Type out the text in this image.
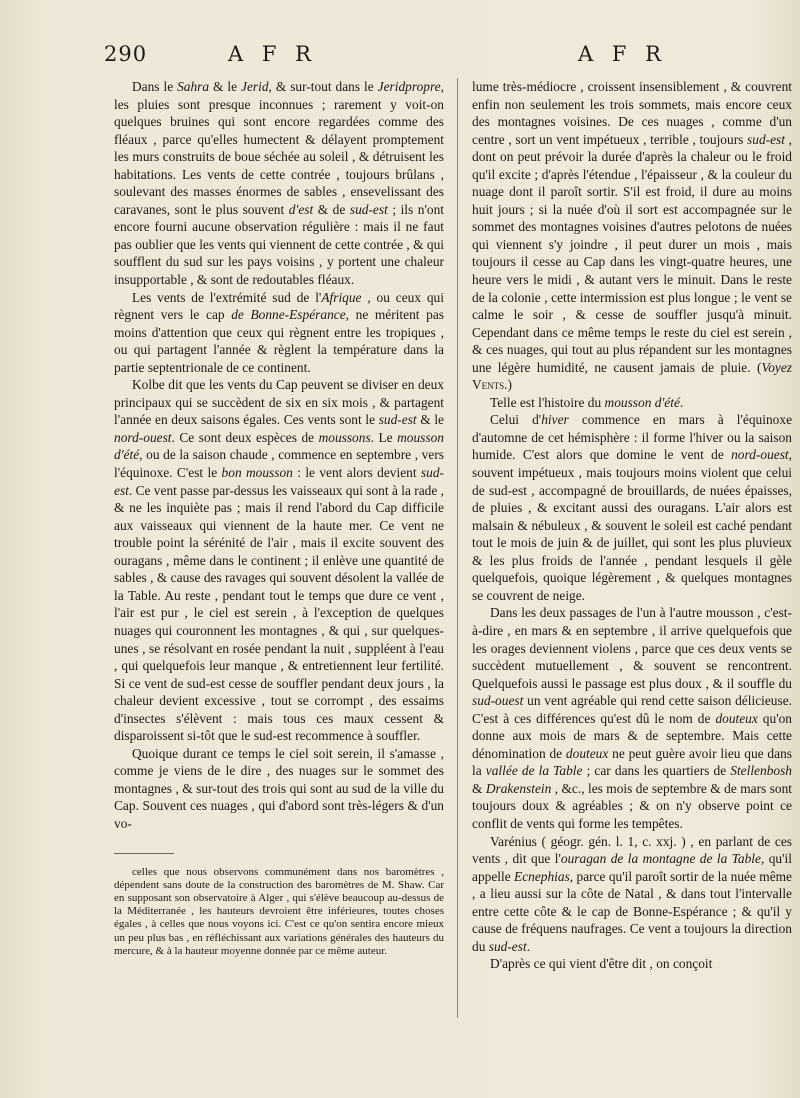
290	A F R	A F R

Dans le Sahra & le Jerid, & sur-tout dans le Jeridpropre, les pluies sont presque inconnues ; rarement y voit-on quelques bruines qui sont encore regardées comme des fléaux , parce qu'elles humectent & délayent promptement les murs construits de boue séchée au soleil , & détruisent les habitations. Les vents de cette contrée , toujours brûlans , soulevant des masses énormes de sables , ensevelissant des caravanes, sont le plus souvent d'est & de sud-est ; ils n'ont encore fourni aucune observation régulière : mais il ne faut pas oublier que les vents qui viennent de cette contrée , & qui soufflent du sud sur les pays voisins , y portent une chaleur insupportable , & sont de redoutables fléaux.

Les vents de l'extrémité sud de l'Afrique , ou ceux qui règnent vers le cap de Bonne-Espérance, ne méritent pas moins d'attention que ceux qui règnent entre les tropiques , ou qui partagent l'année & règlent la température dans la partie septentrionale de ce continent.

Kolbe dit que les vents du Cap peuvent se diviser en deux principaux qui se succèdent de six en six mois , & partagent l'année en deux saisons égales. Ces vents sont le sud-est & le nord-ouest. Ce sont deux espèces de moussons. Le mousson d'été, ou de la saison chaude , commence en septembre , vers l'équinoxe. C'est le bon mousson : le vent alors devient sud-est. Ce vent passe par-dessus les vaisseaux qui sont à la rade , & ne les inquiète pas ; mais il rend l'abord du Cap difficile aux vaisseaux qui viennent de la haute mer. Ce vent ne trouble point la sérénité de l'air , mais il excite souvent des ouragans , même dans le continent ; il enlève une quantité de sables , & cause des ravages qui souvent désolent la vallée de la Table. Au reste , pendant tout le temps que dure ce vent , l'air est pur , le ciel est serein , à l'exception de quelques nuages qui couronnent les montagnes , & qui , sur quelques-unes , se résolvant en rosée pendant la nuit , suppléent à l'eau , qui quelquefois leur manque , & entretiennent leur fertilité. Si ce vent de sud-est cesse de souffler pendant deux jours , la chaleur devient excessive , tout se corrompt , des essaims d'insectes s'élèvent : mais tous ces maux cessent & disparoissent si-tôt que le sud-est recommence à souffler.

Quoique durant ce temps le ciel soit serein, il s'amasse , comme je viens de le dire , des nuages sur le sommet des montagnes , & sur-tout des trois qui sont au sud de la ville du Cap. Souvent ces nuages , qui d'abord sont très-légers & d'un vo-

celles que nous observons communément dans nos baromètres , dépendent sans doute de la construction des baromètres de M. Shaw. Car en supposant son observatoire à Alger , qui s'élève beaucoup au-dessus de la Méditerranée , les hauteurs devroient être inférieures, toutes choses égales , à celles que nous voyons ici. C'est ce qu'on sentira encore mieux un peu plus bas , en réfléchissant aux variations générales des hauteurs du mercure, & à la hauteur moyenne donnée par ce même auteur.

lume très-médiocre , croissent insensiblement , & couvrent enfin non seulement les trois sommets, mais encore ceux des montagnes voisines. De ces nuages , comme d'un centre , sort un vent impétueux , terrible , toujours sud-est , dont on peut prévoir la durée d'après la chaleur ou le froid qu'il excite ; d'après l'étendue , l'épaisseur , & la couleur du nuage dont il paroît sortir. S'il est froid, il dure au moins huit jours ; si la nuée d'où il sort est accompagnée sur le sommet des montagnes voisines d'autres pelotons de nuées qui viennent s'y joindre , il peut durer un mois , mais toujours il cesse au Cap dans les vingt-quatre heures, une heure vers le midi , & autant vers le minuit. Dans le reste de la colonie , cette intermission est plus longue ; le vent se calme le soir , & cesse de souffler jusqu'à minuit. Cependant dans ce même temps le reste du ciel est serein , & ces nuages, qui tout au plus répandent sur les montagnes une légère humidité, ne causent jamais de pluie. (Voyez Vents.)

Telle est l'histoire du mousson d'été.

Celui d'hiver commence en mars à l'équinoxe d'automne de cet hémisphère : il forme l'hiver ou la saison humide. C'est alors que domine le vent de nord-ouest, souvent impétueux , mais toujours moins violent que celui de sud-est , accompagné de brouillards, de nuées épaisses, de pluies , & excitant aussi des ouragans. L'air alors est malsain & nébuleux , & souvent le soleil est caché pendant tout le mois de juin & de juillet, qui sont les plus pluvieux & les plus froids de l'année , pendant lesquels il gèle quelquefois, quoique légèrement , & quelques montagnes se couvrent de neige.

Dans les deux passages de l'un à l'autre mousson , c'est-à-dire , en mars & en septembre , il arrive quelquefois que les orages deviennent violens , parce que ces deux vents se succèdent mutuellement , & souvent se rencontrent. Quelquefois aussi le passage est plus doux , & il souffle du sud-ouest un vent agréable qui rend cette saison délicieuse. C'est à ces différences qu'est dû le nom de douteux qu'on donne aux mois de mars & de septembre. Mais cette dénomination de douteux ne peut guère avoir lieu que dans la vallée de la Table ; car dans les quartiers de Stellenbosh & Drakenstein , &c., les mois de septembre & de mars sont toujours doux & agréables ; & on n'y observe point ce conflit de vents qui forme les tempêtes.

Varénius ( géogr. gén. l. 1, c. xxj. ) , en parlant de ces vents , dit que l'ouragan de la montagne de la Table, qu'il appelle Ecnephias, parce qu'il paroît sortir de la nuée même , a lieu aussi sur la côte de Natal , & dans tout l'intervalle entre cette côte & le cap de Bonne-Espérance ; & qu'il y cause de fréquens naufrages. Ce vent a toujours la direction du sud-est.

D'après ce qui vient d'être dit , on conçoit
